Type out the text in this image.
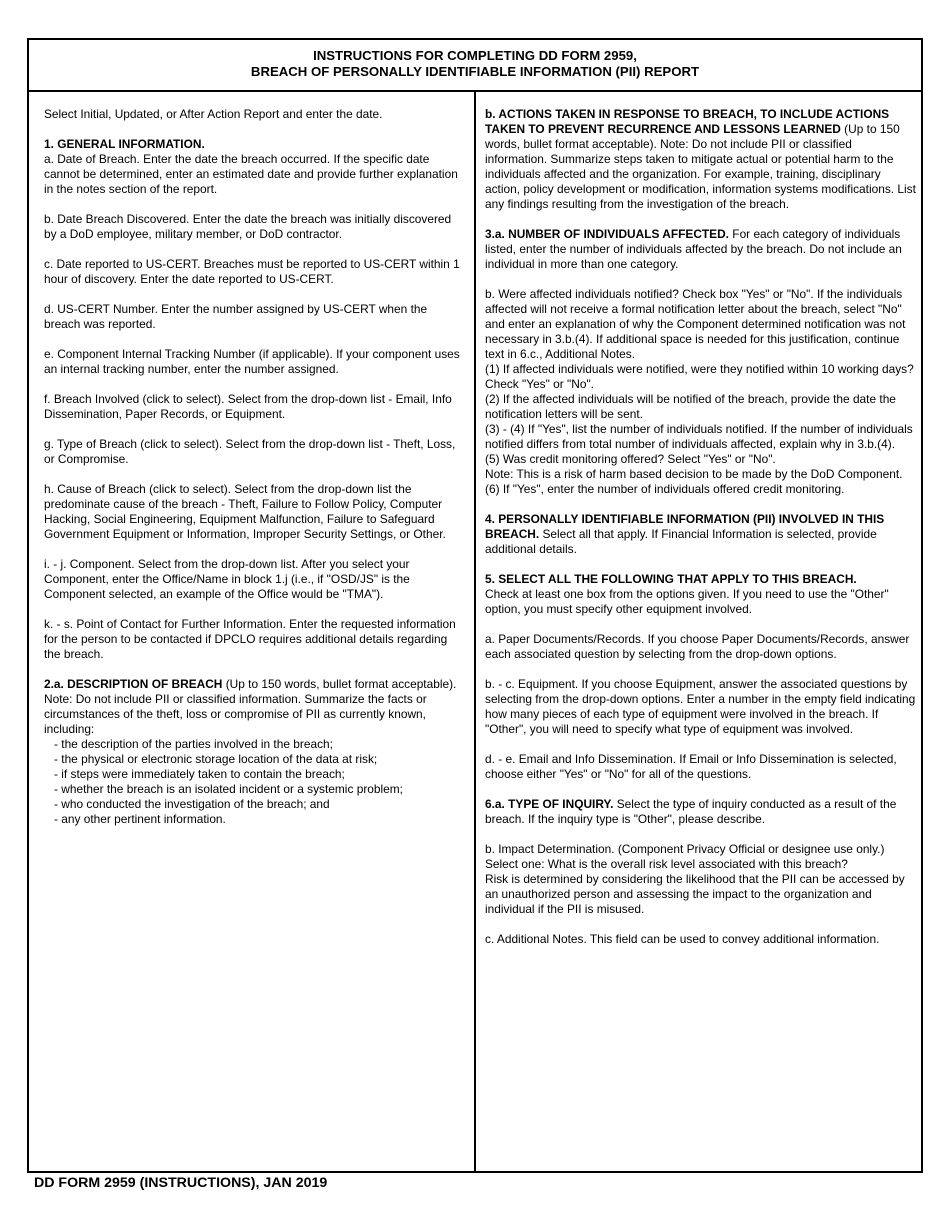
INSTRUCTIONS FOR COMPLETING DD FORM 2959,
BREACH OF PERSONALLY IDENTIFIABLE INFORMATION (PII) REPORT

Select Initial, Updated, or After Action Report and enter the date.

1. GENERAL INFORMATION.

a. Date of Breach. Enter the date the breach occurred. If the specific date cannot be determined, enter an estimated date and provide further explanation in the notes section of the report.

b. Date Breach Discovered. Enter the date the breach was initially discovered by a DoD employee, military member, or DoD contractor.

c. Date reported to US-CERT. Breaches must be reported to US-CERT within 1 hour of discovery. Enter the date reported to US-CERT.

d. US-CERT Number. Enter the number assigned by US-CERT when the breach was reported.

e. Component Internal Tracking Number (if applicable). If your component uses an internal tracking number, enter the number assigned.

f. Breach Involved (click to select). Select from the drop-down list - Email, Info Dissemination, Paper Records, or Equipment.

g. Type of Breach (click to select). Select from the drop-down list - Theft, Loss, or Compromise.

h. Cause of Breach (click to select). Select from the drop-down list the predominate cause of the breach - Theft, Failure to Follow Policy, Computer Hacking, Social Engineering, Equipment Malfunction, Failure to Safeguard Government Equipment or Information, Improper Security Settings, or Other.

i. - j. Component. Select from the drop-down list. After you select your Component, enter the Office/Name in block 1.j (i.e., if "OSD/JS" is the Component selected, an example of the Office would be "TMA").

k. - s. Point of Contact for Further Information. Enter the requested information for the person to be contacted if DPCLO requires additional details regarding the breach.

2.a. DESCRIPTION OF BREACH (Up to 150 words, bullet format acceptable). Note: Do not include PII or classified information. Summarize the facts or circumstances of the theft, loss or compromise of PII as currently known, including:

- the description of the parties involved in the breach;
- the physical or electronic storage location of the data at risk;
- if steps were immediately taken to contain the breach;
- whether the breach is an isolated incident or a systemic problem;
- who conducted the investigation of the breach; and
- any other pertinent information.

b. ACTIONS TAKEN IN RESPONSE TO BREACH, TO INCLUDE ACTIONS TAKEN TO PREVENT RECURRENCE AND LESSONS LEARNED (Up to 150 words, bullet format acceptable). Note: Do not include PII or classified information. Summarize steps taken to mitigate actual or potential harm to the individuals affected and the organization. For example, training, disciplinary action, policy development or modification, information systems modifications. List any findings resulting from the investigation of the breach.

3.a. NUMBER OF INDIVIDUALS AFFECTED. For each category of individuals listed, enter the number of individuals affected by the breach. Do not include an individual in more than one category.

b. Were affected individuals notified? Check box "Yes" or "No". If the individuals affected will not receive a formal notification letter about the breach, select "No" and enter an explanation of why the Component determined notification was not necessary in 3.b.(4). If additional space is needed for this justification, continue text in 6.c., Additional Notes.

(1) If affected individuals were notified, were they notified within 10 working days? Check "Yes" or "No".

(2) If the affected individuals will be notified of the breach, provide the date the notification letters will be sent.

(3) - (4) If "Yes", list the number of individuals notified. If the number of individuals notified differs from total number of individuals affected, explain why in 3.b.(4).

(5) Was credit monitoring offered? Select "Yes" or "No".

Note: This is a risk of harm based decision to be made by the DoD Component.

(6) If "Yes", enter the number of individuals offered credit monitoring.

4. PERSONALLY IDENTIFIABLE INFORMATION (PII) INVOLVED IN THIS BREACH. Select all that apply. If Financial Information is selected, provide additional details.

5. SELECT ALL THE FOLLOWING THAT APPLY TO THIS BREACH.

Check at least one box from the options given. If you need to use the "Other" option, you must specify other equipment involved.

a. Paper Documents/Records. If you choose Paper Documents/Records, answer each associated question by selecting from the drop-down options.

b. - c. Equipment. If you choose Equipment, answer the associated questions by selecting from the drop-down options. Enter a number in the empty field indicating how many pieces of each type of equipment were involved in the breach. If "Other", you will need to specify what type of equipment was involved.

d. - e. Email and Info Dissemination. If Email or Info Dissemination is selected, choose either "Yes" or "No" for all of the questions.

6.a. TYPE OF INQUIRY. Select the type of inquiry conducted as a result of the breach. If the inquiry type is "Other", please describe.

b. Impact Determination. (Component Privacy Official or designee use only.)

Select one: What is the overall risk level associated with this breach?

Risk is determined by considering the likelihood that the PII can be accessed by an unauthorized person and assessing the impact to the organization and individual if the PII is misused.

c. Additional Notes. This field can be used to convey additional information.

DD FORM 2959 (INSTRUCTIONS), JAN 2019
